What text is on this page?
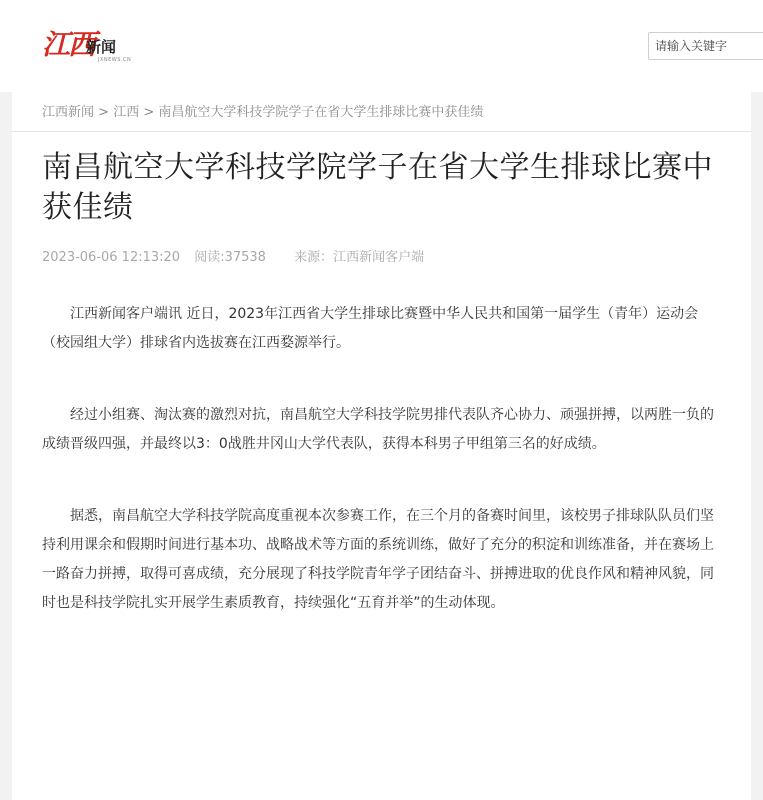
江西
新闻
JXNEWS.CN
请输入关键字
江西新闻 > 江西 > 南昌航空大学科技学院学子在省大学生排球比赛中获佳绩
南昌航空大学科技学院学子在省大学生排球比赛中获佳绩
2023-06-06 12:13:20 阅读:37538 来源：江西新闻客户端

江西新闻客户端讯 近日，2023年江西省大学生排球比赛暨中华人民共和国第一届学生（青年）运动会（校园组大学）排球省内选拔赛在江西婺源举行。

经过小组赛、淘汰赛的激烈对抗，南昌航空大学科技学院男排代表队齐心协力、顽强拼搏，以两胜一负的成绩晋级四强，并最终以3：0战胜井冈山大学代表队，获得本科男子甲组第三名的好成绩。

据悉，南昌航空大学科技学院高度重视本次参赛工作，在三个月的备赛时间里，该校男子排球队队员们坚持利用课余和假期时间进行基本功、战略战术等方面的系统训练，做好了充分的积淀和训练准备，并在赛场上一路奋力拼搏，取得可喜成绩，充分展现了科技学院青年学子团结奋斗、拼搏进取的优良作风和精神风貌，同时也是科技学院扎实开展学生素质教育，持续强化“五育并举”的生动体现。
